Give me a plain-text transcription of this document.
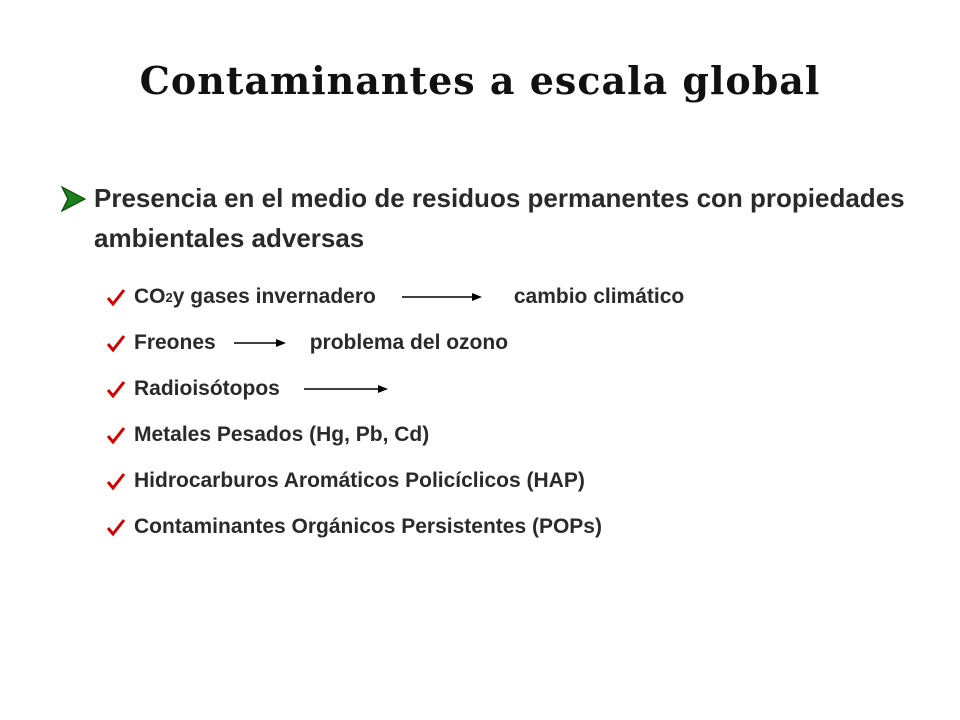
Contaminantes a escala global
Presencia en el medio de residuos permanentes con propiedades ambientales adversas
CO 2 y gases invernadero	cambio climático
Freones	problema del ozono
Radioisótopos
Metales Pesados (Hg, Pb, Cd)
Hidrocarburos Aromáticos Policíclicos (HAP)
Contaminantes Orgánicos Persistentes (POPs)
